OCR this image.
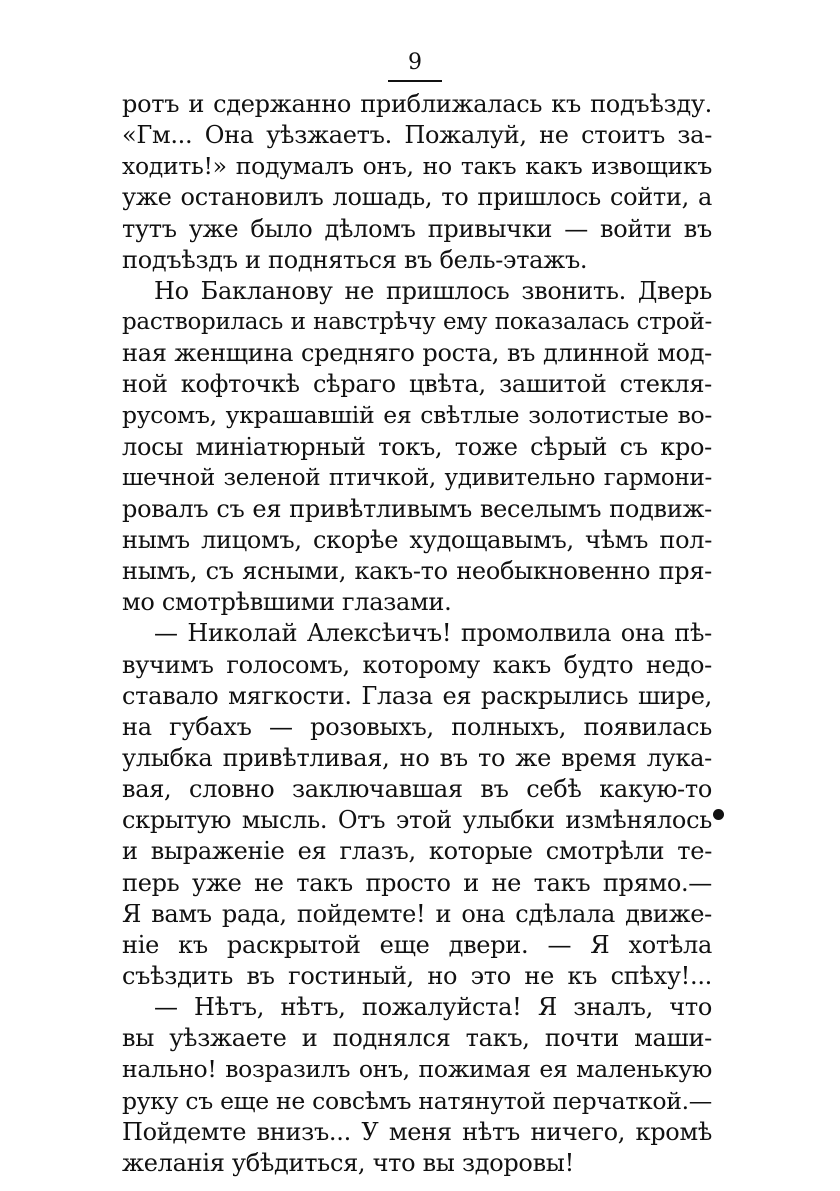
9
ротъ и сдержанно приближалась къ подъѣзду.
«Гм... Она уѣзжаетъ. Пожалуй, не стоитъ за-
ходить!» подумалъ онъ, но такъ какъ извощикъ
уже остановилъ лошадь, то пришлось сойти, а
тутъ уже было дѣломъ привычки — войти въ
подъѣздъ и подняться въ бель-этажъ.
Но Бакланову не пришлось звонить. Дверь
растворилась и навстрѣчу ему показалась строй-
ная женщина средняго роста, въ длинной мод-
ной кофточкѣ сѣраго цвѣта, зашитой стекля-
русомъ, украшавшій ея свѣтлые золотистые во-
лосы миніатюрный токъ, тоже сѣрый съ кро-
шечной зеленой птичкой, удивительно гармони-
ровалъ съ ея привѣтливымъ веселымъ подвиж-
нымъ лицомъ, скорѣе худощавымъ, чѣмъ пол-
нымъ, съ ясными, какъ-то необыкновенно пря-
мо смотрѣвшими глазами.
— Николай Алексѣичъ! промолвила она пѣ-
вучимъ голосомъ, которому какъ будто недо-
ставало мягкости. Глаза ея раскрылись шире,
на губахъ — розовыхъ, полныхъ, появилась
улыбка привѣтливая, но въ то же время лука-
вая, словно заключавшая въ себѣ какую-то
скрытую мысль. Отъ этой улыбки измѣнялось
и выраженіе ея глазъ, которые смотрѣли те-
перь уже не такъ просто и не такъ прямо.—
Я вамъ рада, пойдемте! и она сдѣлала движе-
ніе къ раскрытой еще двери. — Я хотѣла
съѣздить въ гостиный, но это не къ спѣху!...
— Нѣтъ, нѣтъ, пожалуйста! Я зналъ, что
вы уѣзжаете и поднялся такъ, почти маши-
нально! возразилъ онъ, пожимая ея маленькую
руку съ еще не совсѣмъ натянутой перчаткой.—
Пойдемте внизъ... У меня нѣтъ ничего, кромѣ
желанія убѣдиться, что вы здоровы!
